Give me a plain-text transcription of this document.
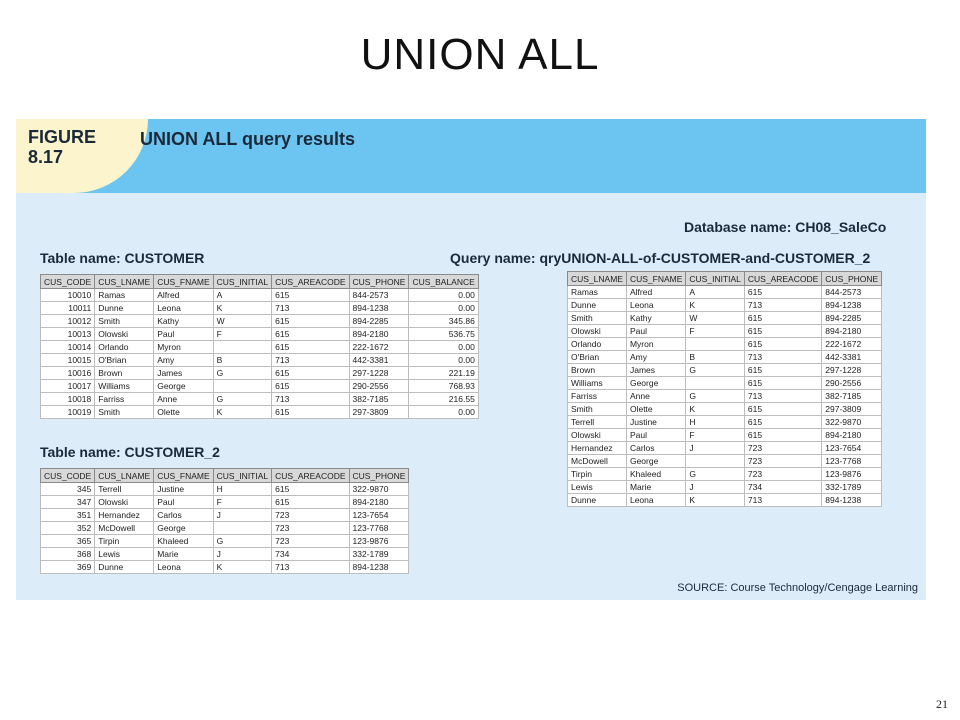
UNION ALL
FIGURE
8.17
UNION ALL query results
Database name: CH08_SaleCo
Table name: CUSTOMER	Query name: qryUNION-ALL-of-CUSTOMER-and-CUSTOMER_2
CUS_CODE	CUS_LNAME	CUS_FNAME	CUS_INITIAL	CUS_AREACODE	CUS_PHONE	CUS_BALANCE
10010	Ramas	Alfred	A	615	844-2573	0.00
10011	Dunne	Leona	K	713	894-1238	0.00
10012	Smith	Kathy	W	615	894-2285	345.86
10013	Olowski	Paul	F	615	894-2180	536.75
10014	Orlando	Myron		615	222-1672	0.00
10015	O'Brian	Amy	B	713	442-3381	0.00
10016	Brown	James	G	615	297-1228	221.19
10017	Williams	George		615	290-2556	768.93
10018	Farriss	Anne	G	713	382-7185	216.55
10019	Smith	Olette	K	615	297-3809	0.00
Table name: CUSTOMER_2
CUS_CODE	CUS_LNAME	CUS_FNAME	CUS_INITIAL	CUS_AREACODE	CUS_PHONE
345	Terrell	Justine	H	615	322-9870
347	Olowski	Paul	F	615	894-2180
351	Hernandez	Carlos	J	723	123-7654
352	McDowell	George		723	123-7768
365	Tirpin	Khaleed	G	723	123-9876
368	Lewis	Marie	J	734	332-1789
369	Dunne	Leona	K	713	894-1238
CUS_LNAME	CUS_FNAME	CUS_INITIAL	CUS_AREACODE	CUS_PHONE
Ramas	Alfred	A	615	844-2573
Dunne	Leona	K	713	894-1238
Smith	Kathy	W	615	894-2285
Olowski	Paul	F	615	894-2180
Orlando	Myron		615	222-1672
O'Brian	Amy	B	713	442-3381
Brown	James	G	615	297-1228
Williams	George		615	290-2556
Farriss	Anne	G	713	382-7185
Smith	Olette	K	615	297-3809
Terrell	Justine	H	615	322-9870
Olowski	Paul	F	615	894-2180
Hernandez	Carlos	J	723	123-7654
McDowell	George		723	123-7768
Tirpin	Khaleed	G	723	123-9876
Lewis	Marie	J	734	332-1789
Dunne	Leona	K	713	894-1238
SOURCE: Course Technology/Cengage Learning
21
